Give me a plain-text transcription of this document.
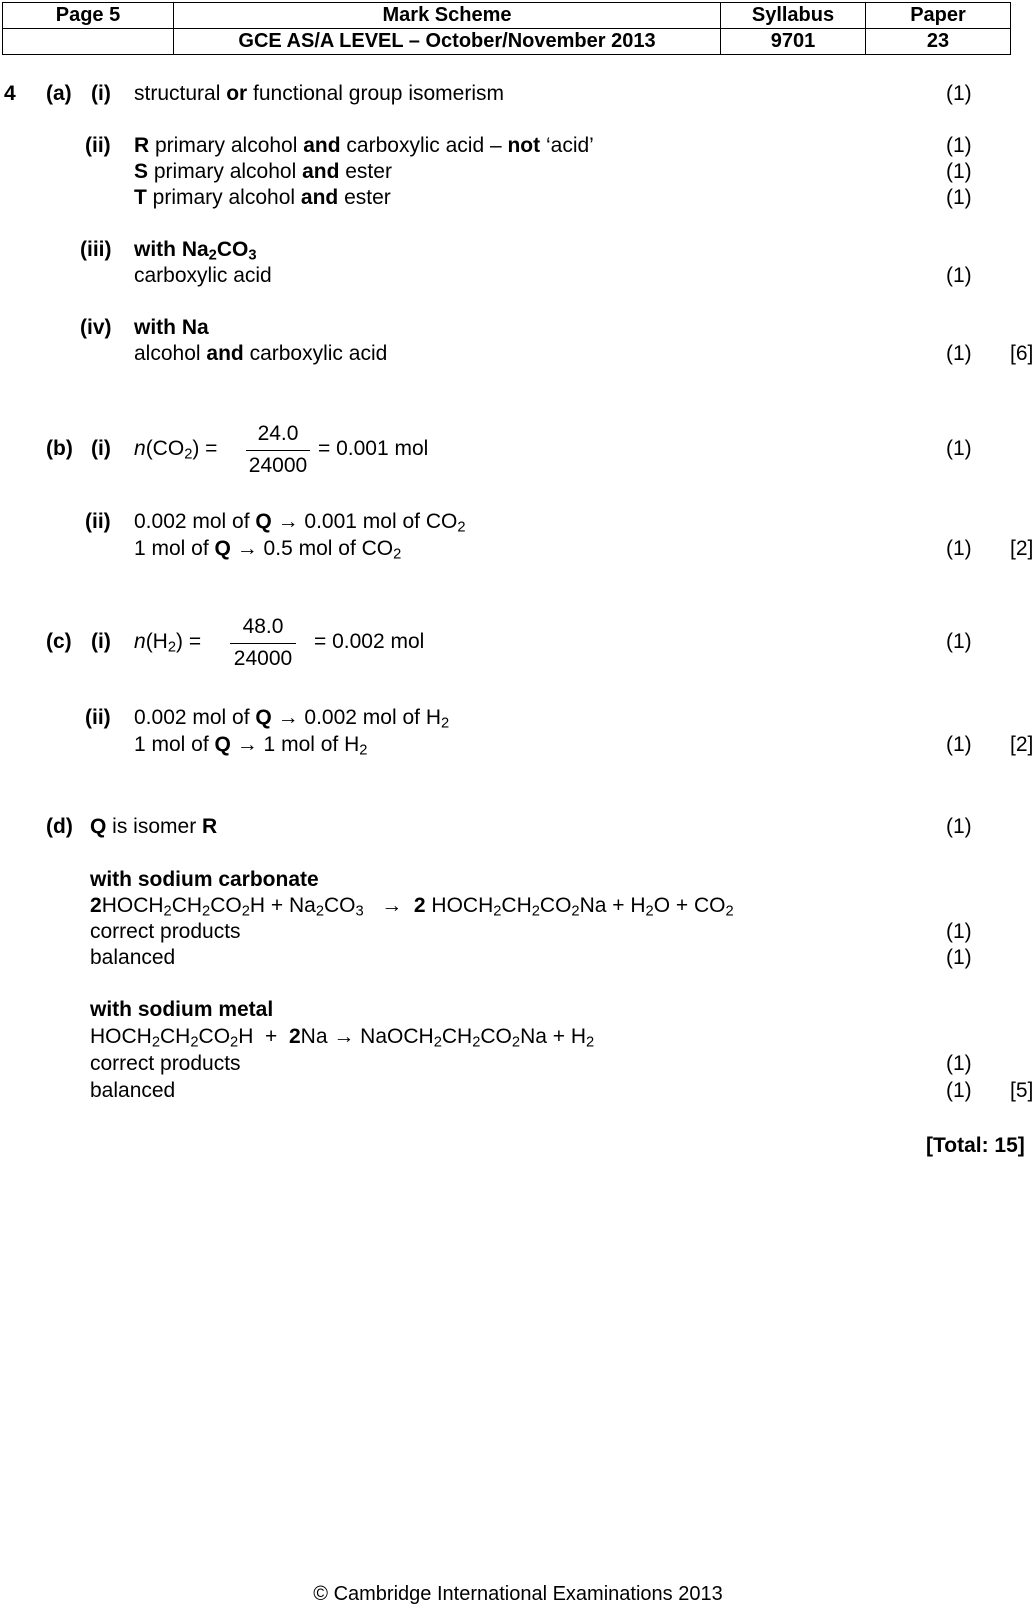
Page 5	Mark Scheme	Syllabus	Paper
	GCE AS/A LEVEL – October/November 2013	9701	23
4 (a) (i) structural or functional group isomerism	(1)
(ii) R primary alcohol and carboxylic acid – not ‘acid’	(1)
S primary alcohol and ester	(1)
T primary alcohol and ester	(1)
(iii) with $Na_2CO_3$
carboxylic acid	(1)
(iv) with Na
alcohol and carboxylic acid	(1) [6]
(b) (i) $n(CO_2)$ =
24.0
24000
= 0.001 mol	(1)
(ii) 0.002 mol of Q → 0.001 mol of $CO_2$
1 mol of Q → 0.5 mol of $CO_2$	(1) [2]
(c) (i) $n(H_2)$ =
48.0
24000
= 0.002 mol	(1)
(ii) 0.002 mol of Q → 0.002 mol of $H_2$
1 mol of Q → 1 mol of $H_2$	(1) [2]
(d) Q is isomer R	(1)
with sodium carbonate
$2HOCH_2CH_2CO_2H + Na_2CO_3 \to 2$ $HOCH_2CH_2CO_2Na + H_2O + CO_2$
correct products	(1)
balanced	(1)
with sodium metal
$HOCH_2CH_2CO_2H + 2Na$ → $NaOCH_2CH_2CO_2Na + H_2$
correct products	(1)
balanced	(1) [5]
[Total: 15]
© Cambridge International Examinations 2013
